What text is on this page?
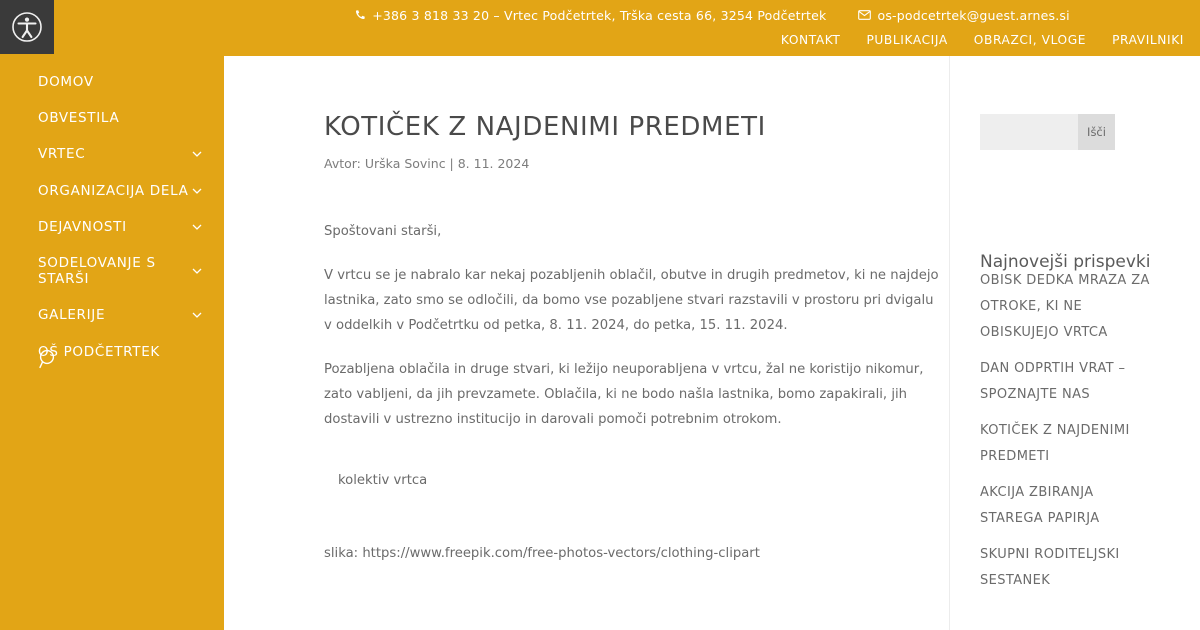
DOMOV
OBVESTILA
VRTEC
ORGANIZACIJA DELA
DEJAVNOSTI
SODELOVANJE S STARŠI
GALERIJE
OŠ PODČETRTEK
+386 3 818 33 20 – Vrtec Podčetrtek, Trška cesta 66, 3254 Podčetrtek	os-podcetrtek@guest.arnes.si
KONTAKT PUBLIKACIJA OBRAZCI, VLOGE PRAVILNIKI
KOTIČEK Z NAJDENIMI PREDMETI
Avtor: Urška Sovinc | 8. 11. 2024

Spoštovani starši,

V vrtcu se je nabralo kar nekaj pozabljenih oblačil, obutve in drugih predmetov, ki ne najdejo lastnika, zato smo se odločili, da bomo vse pozabljene stvari razstavili v prostoru pri dvigalu v oddelkih v Podčetrtku od petka, 8. 11. 2024, do petka, 15. 11. 2024.

Pozabljena oblačila in druge stvari, ki ležijo neuporabljena v vrtcu, žal ne koristijo nikomur, zato vabljeni, da jih prevzamete. Oblačila, ki ne bodo našla lastnika, bomo zapakirali, jih dostavili v ustrezno institucijo in darovali pomoči potrebnim otrokom.

kolektiv vrtca

slika: https://www.freepik.com/free-photos-vectors/clothing-clipart

Išči
Najnovejši prispevki
OBISK DEDKA MRAZA ZA OTROKE, KI NE OBISKUJEJO VRTCA
DAN ODPRTIH VRAT – SPOZNAJTE NAS
KOTIČEK Z NAJDENIMI PREDMETI
AKCIJA ZBIRANJA STAREGA PAPIRJA
SKUPNI RODITELJSKI SESTANEK
